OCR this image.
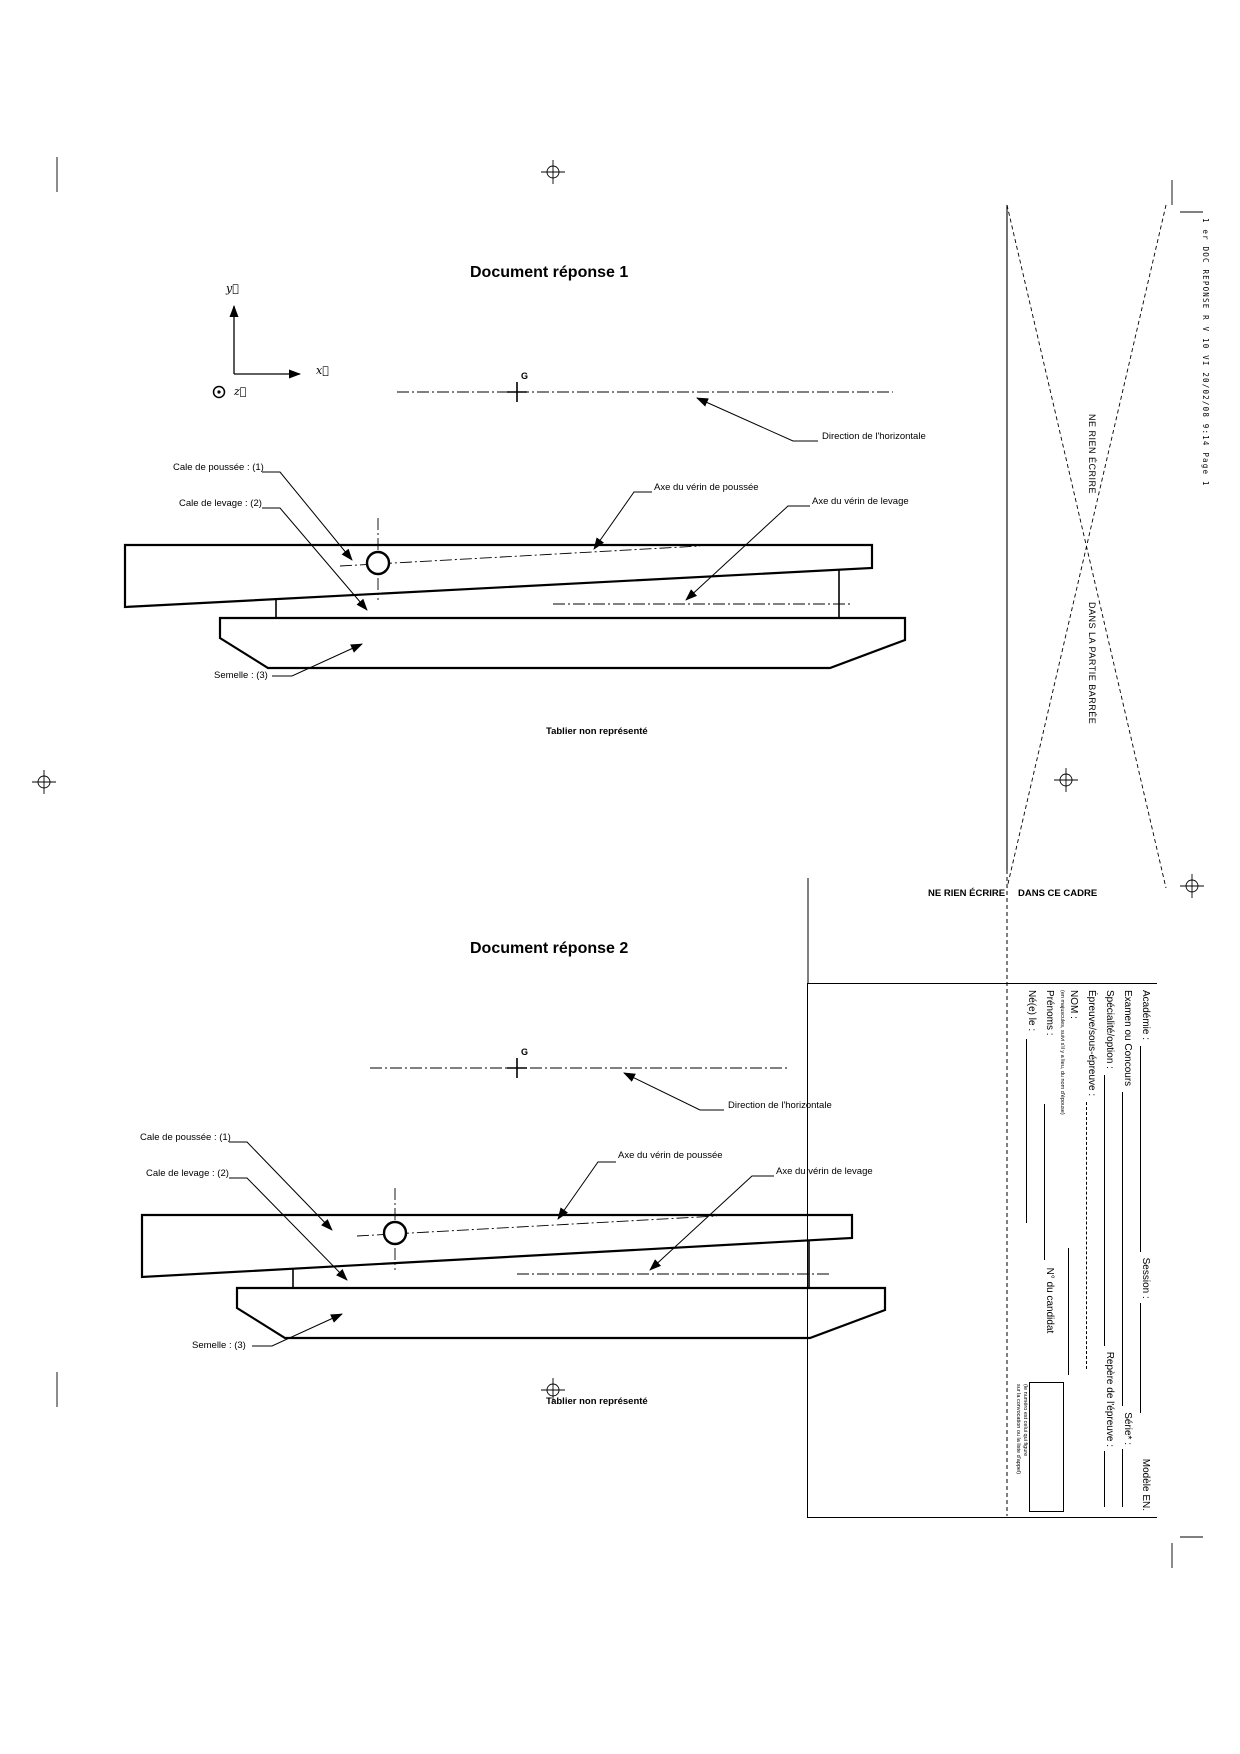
Document réponse 1
y⃗
x⃗
z⃗
G
Direction de l'horizontale
Cale de poussée : (1)
Cale de levage : (2)
Axe du vérin de poussée
Axe du vérin de levage
Semelle : (3)
Tablier non représenté
Document réponse 2
G
Direction de l'horizontale
Cale de poussée : (1)
Cale de levage : (2)
Axe du vérin de poussée
Axe du vérin de levage
Semelle : (3)
Tablier non représenté
NE RIEN ÉCRIRE
DANS LA PARTIE BARRÉE
1 er DOC REPONSE R V 10 VI 20/02/08 9:14 Page 1
NE RIEN ÉCRIRE DANS CE CADRE
Académie :
Session :
Modèle EN.
Examen ou Concours
Série* :
Spécialité/option :
Repère de l'épreuve :
Épreuve/sous-épreuve :
NOM :
(en majuscules, suivi s'il y a lieu, du nom d'épouse)
Prénoms :
N° du candidat
Né(e) le :
(le numéro est celui qui figure
sur la convocation ou la liste d'appel)
